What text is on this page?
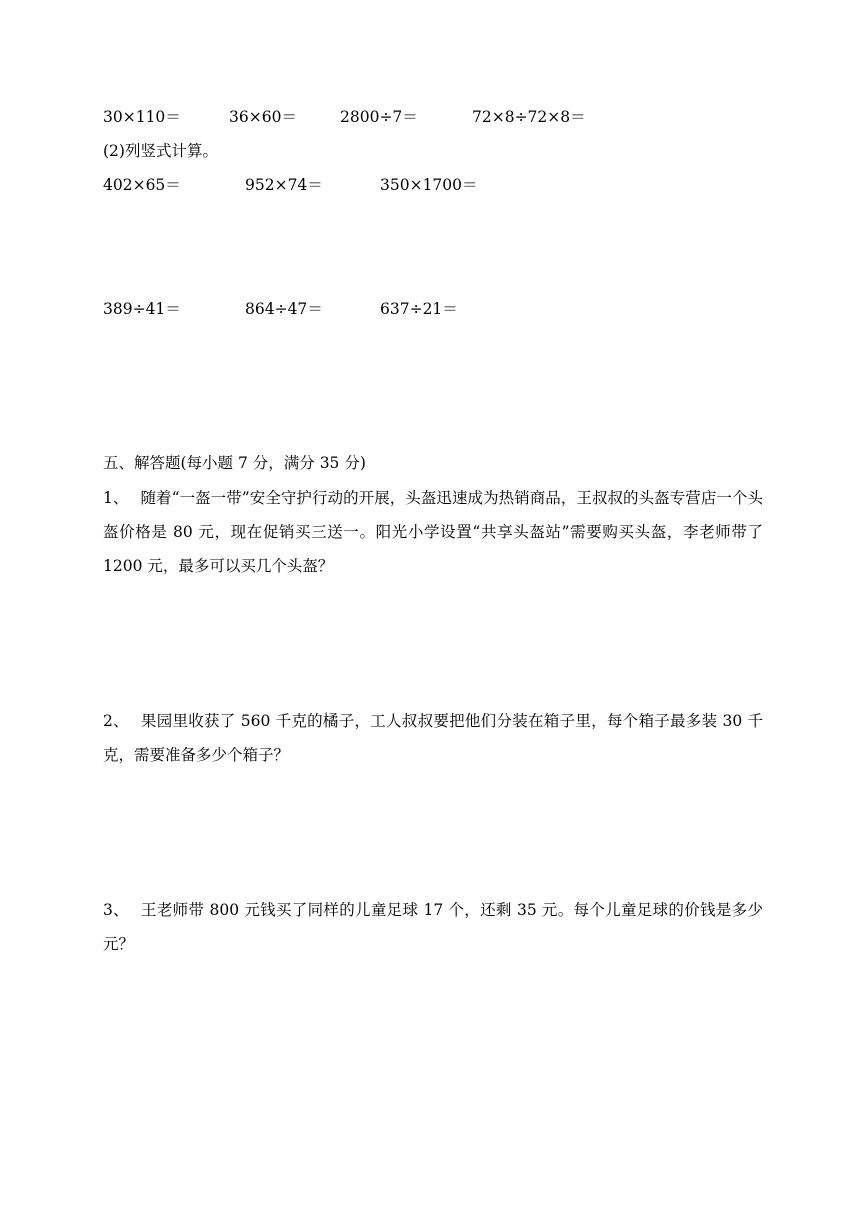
30×110＝	36×60＝	2800÷7＝	72×8÷72×8＝
(2)列竖式计算。
402×65＝	952×74＝	350×1700＝
389÷41＝	864÷47＝	637÷21＝
五、解答题(每小题 7 分，满分 35 分)
1、 随着“一盔一带”安全守护行动的开展，头盔迅速成为热销商品，王叔叔的头盔专营店一个头盔价格是 80 元，现在促销买三送一。阳光小学设置“共享头盔站”需要购买头盔，李老师带了 1200 元，最多可以买几个头盔？
2、 果园里收获了 560 千克的橘子，工人叔叔要把他们分装在箱子里，每个箱子最多装 30 千克，需要准备多少个箱子？
3、 王老师带 800 元钱买了同样的儿童足球 17 个，还剩 35 元。每个儿童足球的价钱是多少元？
